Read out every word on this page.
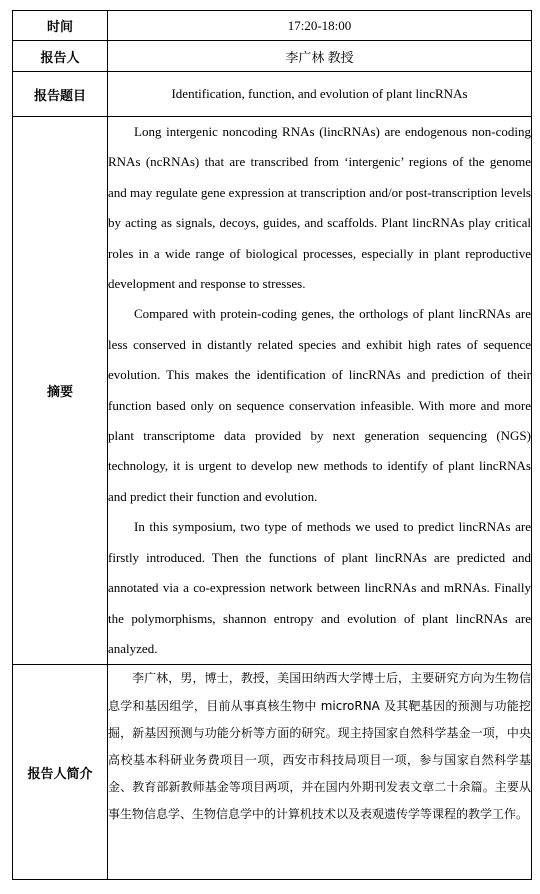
时间	17:20-18:00
报告人	李广林 教授
报告题目	Identification, function, and evolution of plant lincRNAs
摘要	Long intergenic noncoding RNAs (lincRNAs) are endogenous non-coding RNAs (ncRNAs) that are transcribed from ‘intergenic’ regions of the genome and may regulate gene expression at transcription and/or post-transcription levels by acting as signals, decoys, guides, and scaffolds. Plant lincRNAs play critical roles in a wide range of biological processes, especially in plant reproductive development and response to stresses.

Compared with protein-coding genes, the orthologs of plant lincRNAs are less conserved in distantly related species and exhibit high rates of sequence evolution. This makes the identification of lincRNAs and prediction of their function based only on sequence conservation infeasible. With more and more plant transcriptome data provided by next generation sequencing (NGS) technology, it is urgent to develop new methods to identify of plant lincRNAs and predict their function and evolution.

In this symposium, two type of methods we used to predict lincRNAs are firstly introduced. Then the functions of plant lincRNAs are predicted and annotated via a co-expression network between lincRNAs and mRNAs. Finally the polymorphisms, shannon entropy and evolution of plant lincRNAs are analyzed.

报告人简介	李广林，男，博士，教授，美国田纳西大学博士后，主要研究方向为生物信息学和基因组学，目前从事真核生物中 microRNA 及其靶基因的预测与功能挖掘，新基因预测与功能分析等方面的研究。现主持国家自然科学基金一项，中央高校基本科研业务费项目一项，西安市科技局项目一项，参与国家自然科学基金、教育部新教师基金等项目两项，并在国内外期刊发表文章二十余篇。主要从事生物信息学、生物信息学中的计算机技术以及表观遗传学等课程的教学工作。
